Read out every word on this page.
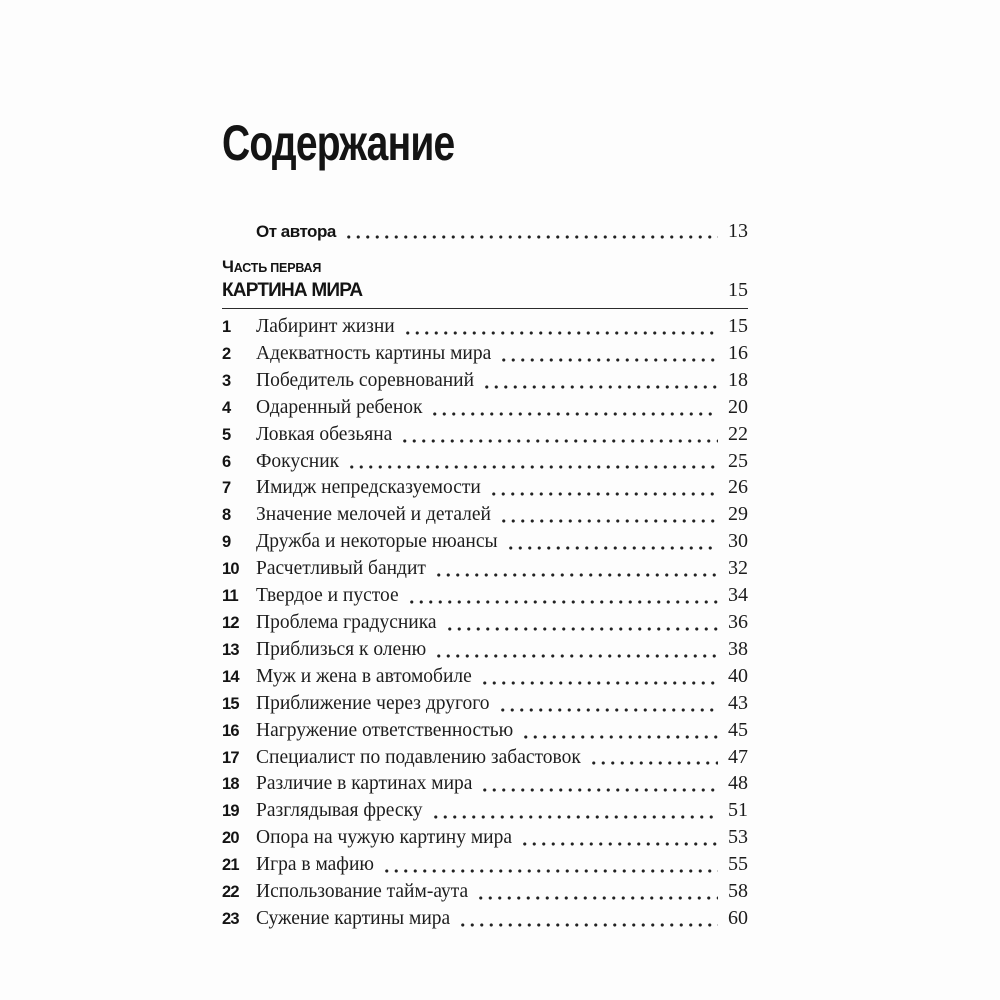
Содержание
От автора	13
ЧАСТЬ ПЕРВАЯ
КАРТИНА МИРА	15
1	Лабиринт жизни	15
2	Адекватность картины мира	16
3	Победитель соревнований	18
4	Одаренный ребенок	20
5	Ловкая обезьяна	22
6	Фокусник	25
7	Имидж непредсказуемости	26
8	Значение мелочей и деталей	29
9	Дружба и некоторые нюансы	30
10 Расчетливый бандит	32
11 Твердое и пустое	34
12 Проблема градусника	36
13 Приблизься к оленю	38
14 Муж и жена в автомобиле	40
15 Приближение через другого	43
16 Нагружение ответственностью	45
17 Специалист по подавлению забастовок	47
18 Различие в картинах мира	48
19 Разглядывая фреску	51
20 Опора на чужую картину мира	53
21 Игра в мафию	55
22 Использование тайм-аута	58
23 Сужение картины мира	60
